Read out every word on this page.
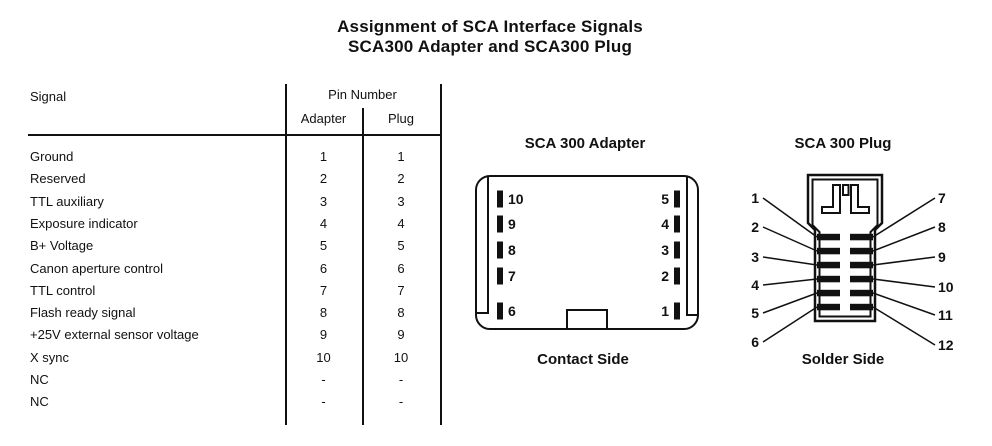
Assignment of SCA Interface Signals
SCA300 Adapter and SCA300 Plug
Signal	Pin Number
Adapter	Plug
Ground	1	1
Reserved	2	2
TTL auxiliary	3	3
Exposure indicator	4	4
B+ Voltage	5	5
Canon aperture control	6	6
TTL control	7	7
Flash ready signal	8	8
+25V external sensor voltage	9	9
X sync	10	10
NC	-	-
NC	-	-
SCA 300 Adapter
10
9
8
7
6
5
4
3
2
1
Contact Side
SCA 300 Plug
1
2
3
4
5
6
7
8
9
10
11
12
Solder Side
